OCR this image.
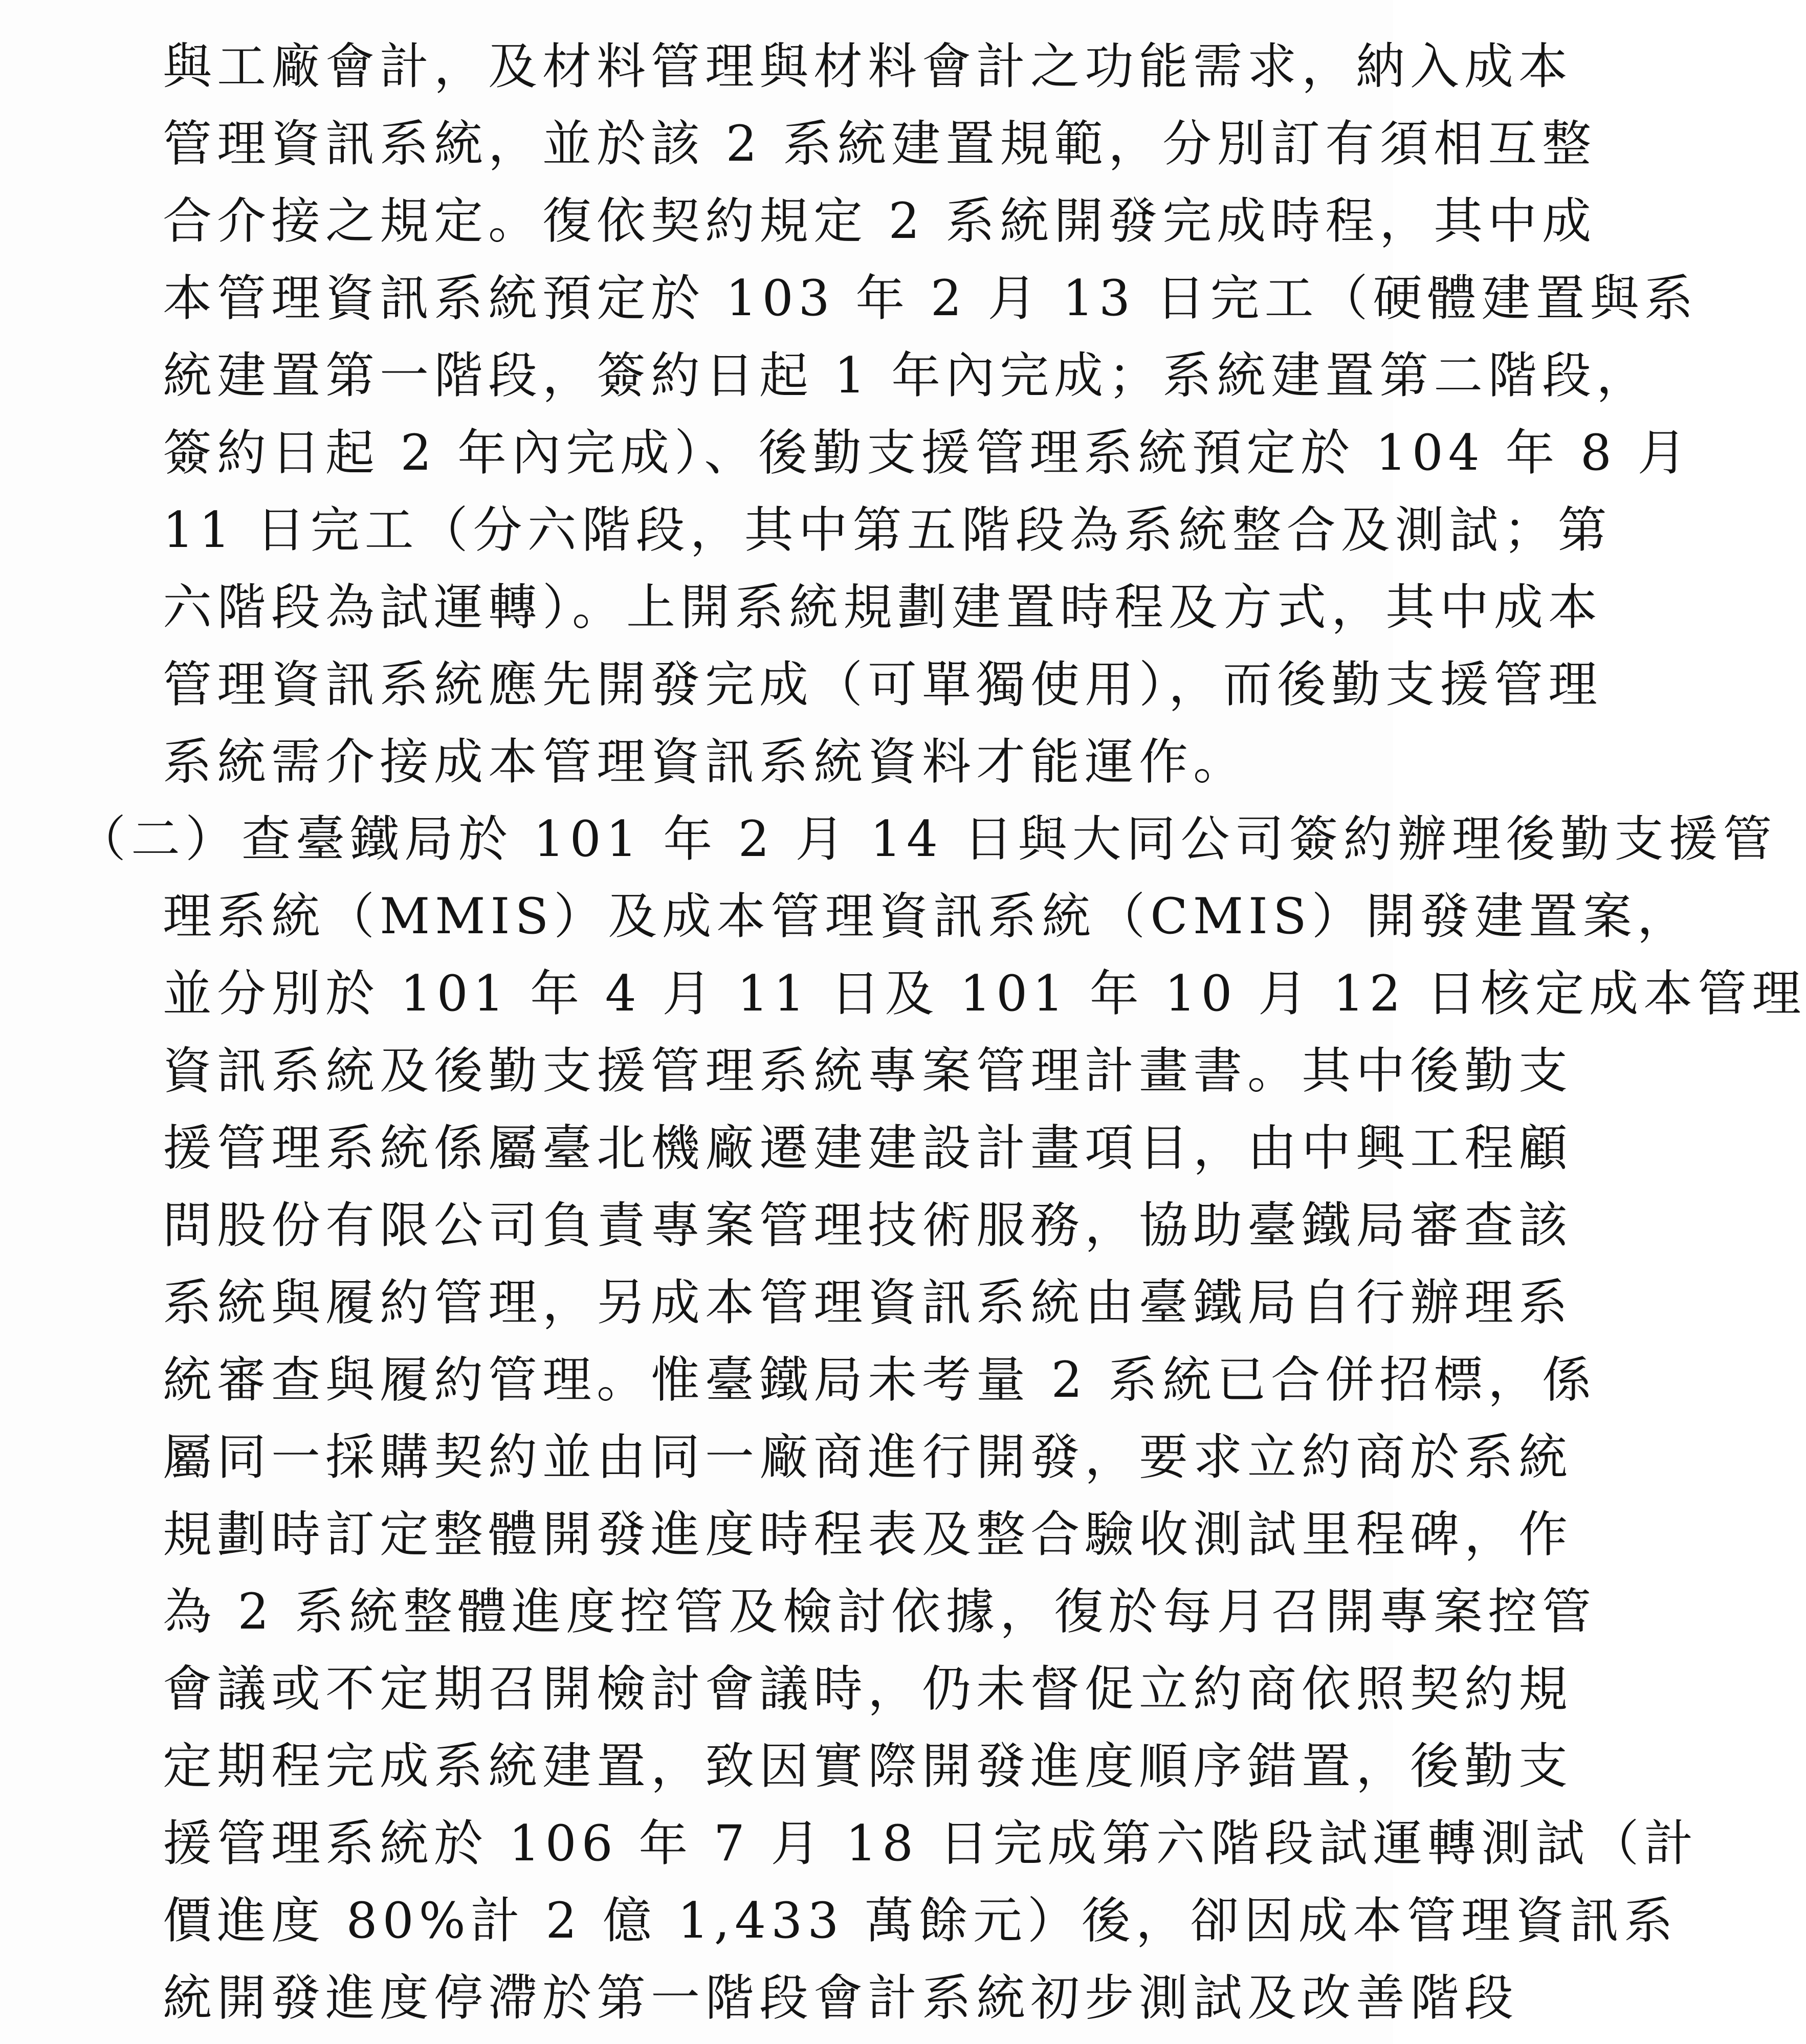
與工廠會計，及材料管理與材料會計之功能需求，納入成本
管理資訊系統，並於該 2 系統建置規範，分別訂有須相互整
合介接之規定。復依契約規定 2 系統開發完成時程，其中成
本管理資訊系統預定於 103 年 2 月 13 日完工（硬體建置與系
統建置第一階段，簽約日起 1 年內完成；系統建置第二階段，
簽約日起 2 年內完成）、後勤支援管理系統預定於 104 年 8 月
11 日完工（分六階段，其中第五階段為系統整合及測試；第
六階段為試運轉）。上開系統規劃建置時程及方式，其中成本
管理資訊系統應先開發完成（可單獨使用），而後勤支援管理
系統需介接成本管理資訊系統資料才能運作。
（二）查臺鐵局於 101 年 2 月 14 日與大同公司簽約辦理後勤支援管
理系統（MMIS）及成本管理資訊系統（CMIS）開發建置案，
並分別於 101 年 4 月 11 日及 101 年 10 月 12 日核定成本管理
資訊系統及後勤支援管理系統專案管理計畫書。其中後勤支
援管理系統係屬臺北機廠遷建建設計畫項目，由中興工程顧
問股份有限公司負責專案管理技術服務，協助臺鐵局審查該
系統與履約管理，另成本管理資訊系統由臺鐵局自行辦理系
統審查與履約管理。惟臺鐵局未考量 2 系統已合併招標，係
屬同一採購契約並由同一廠商進行開發，要求立約商於系統
規劃時訂定整體開發進度時程表及整合驗收測試里程碑，作
為 2 系統整體進度控管及檢討依據，復於每月召開專案控管
會議或不定期召開檢討會議時，仍未督促立約商依照契約規
定期程完成系統建置，致因實際開發進度順序錯置，後勤支
援管理系統於 106 年 7 月 18 日完成第六階段試運轉測試（計
價進度 80%計 2 億 1,433 萬餘元）後，卻因成本管理資訊系
統開發進度停滯於第一階段會計系統初步測試及改善階段
